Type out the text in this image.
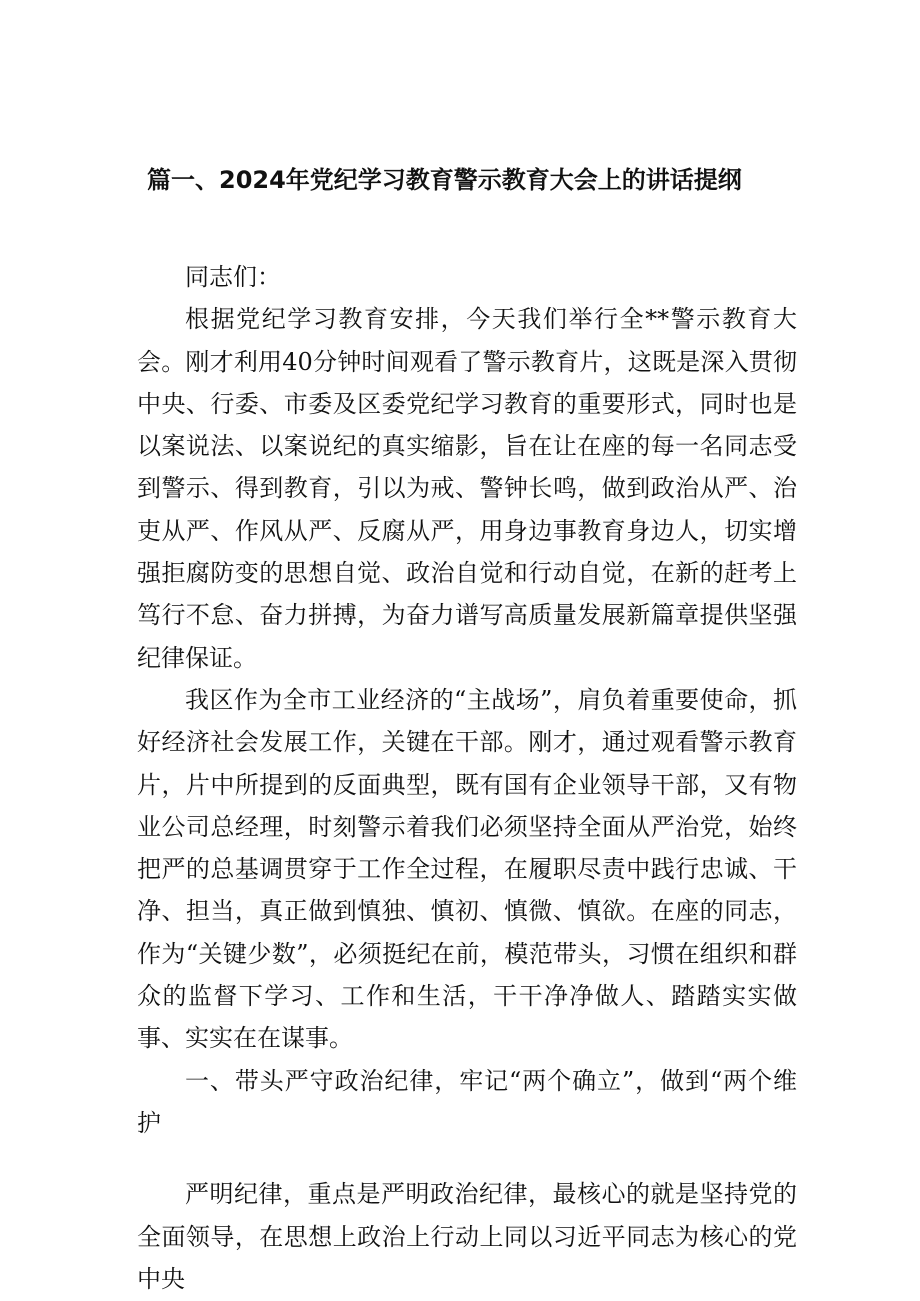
篇一、2024年党纪学习教育警示教育大会上的讲话提纲

同志们：

根据党纪学习教育安排，今天我们举行全**警示教育大会。刚才利用40分钟时间观看了警示教育片，这既是深入贯彻中央、行委、市委及区委党纪学习教育的重要形式，同时也是以案说法、以案说纪的真实缩影，旨在让在座的每一名同志受到警示、得到教育，引以为戒、警钟长鸣，做到政治从严、治吏从严、作风从严、反腐从严，用身边事教育身边人，切实增强拒腐防变的思想自觉、政治自觉和行动自觉，在新的赶考上笃行不怠、奋力拼搏，为奋力谱写高质量发展新篇章提供坚强纪律保证。

我区作为全市工业经济的“主战场”，肩负着重要使命，抓好经济社会发展工作，关键在干部。刚才，通过观看警示教育片，片中所提到的反面典型，既有国有企业领导干部，又有物业公司总经理，时刻警示着我们必须坚持全面从严治党，始终把严的总基调贯穿于工作全过程，在履职尽责中践行忠诚、干净、担当，真正做到慎独、慎初、慎微、慎欲。在座的同志，作为“关键少数”，必须挺纪在前，模范带头，习惯在组织和群众的监督下学习、工作和生活，干干净净做人、踏踏实实做事、实实在在谋事。

一、带头严守政治纪律，牢记“两个确立”，做到“两个维护

严明纪律，重点是严明政治纪律，最核心的就是坚持党的全面领导，在思想上政治上行动上同以习近平同志为核心的党中央
